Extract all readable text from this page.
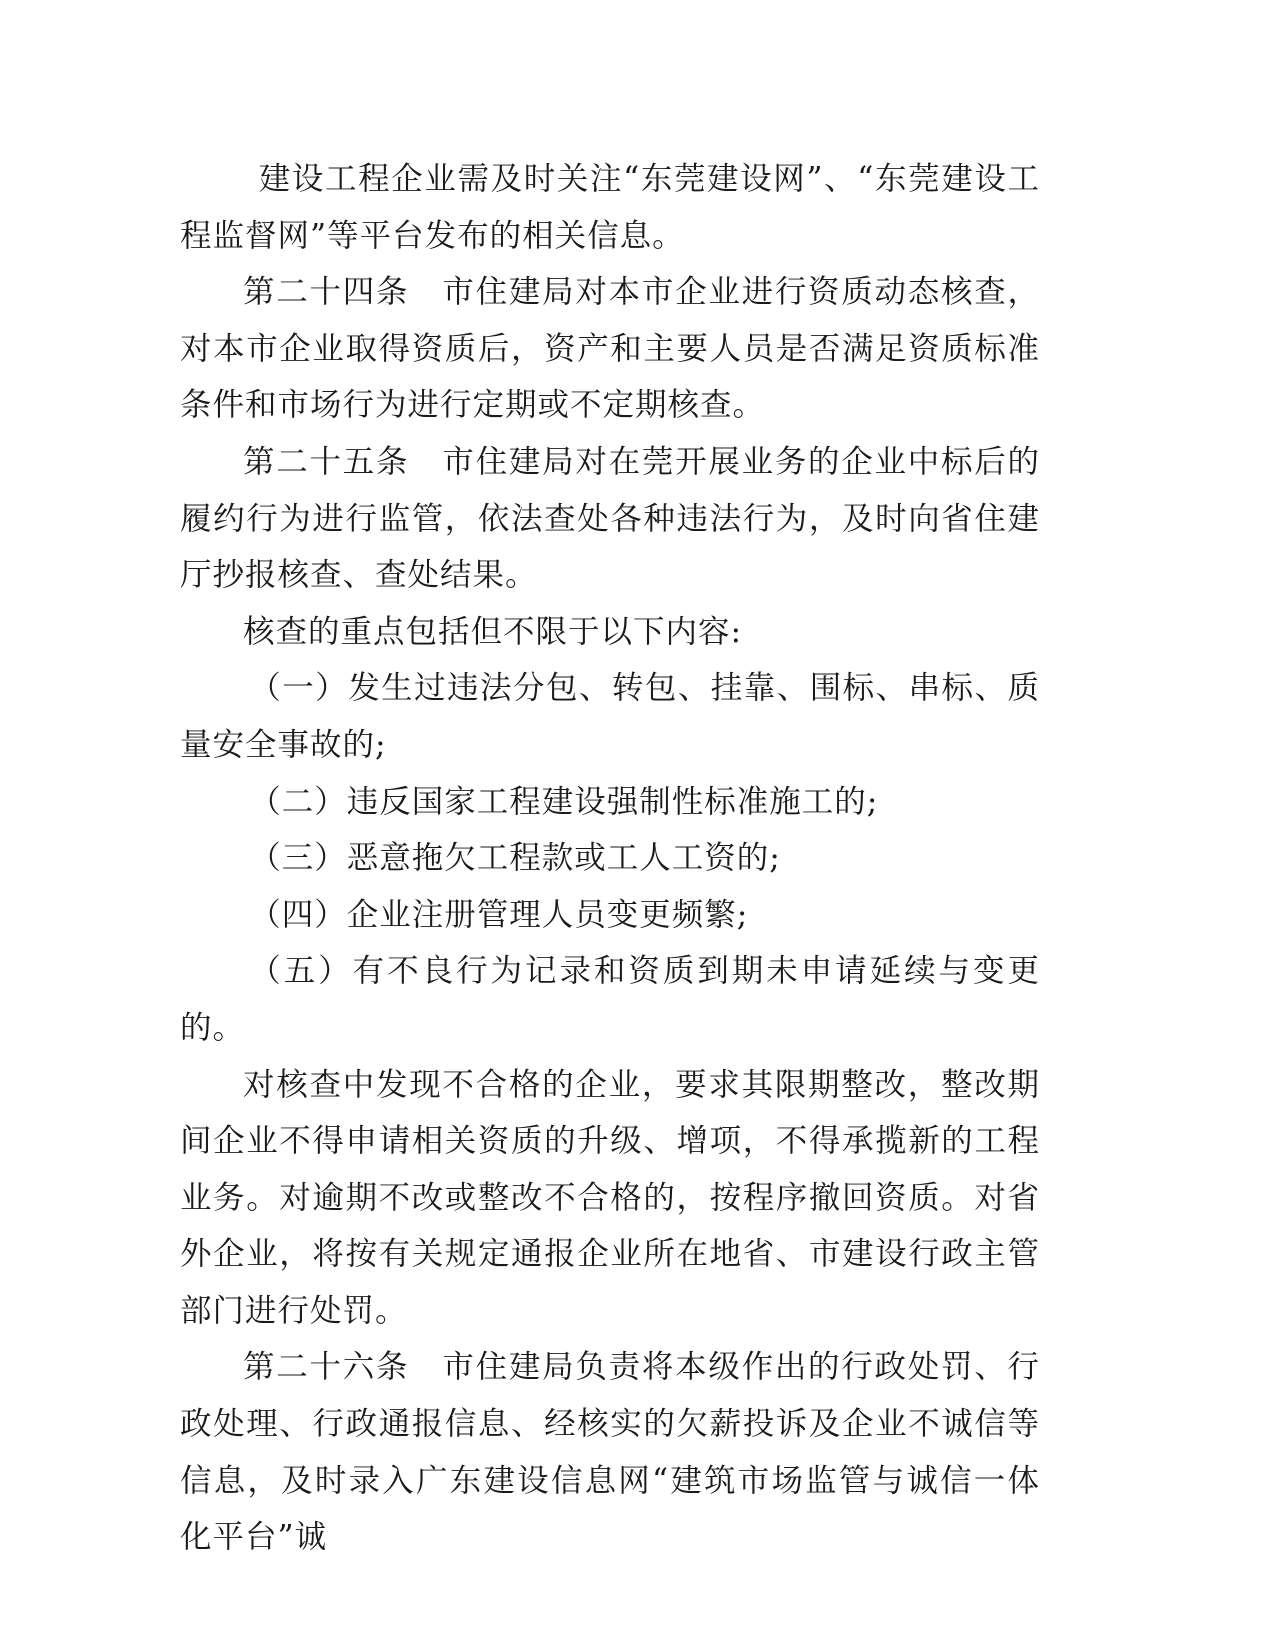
建设工程企业需及时关注“东莞建设网”、“东莞建设工程监督网”等平台发布的相关信息。

第二十四条　市住建局对本市企业进行资质动态核查，对本市企业取得资质后，资产和主要人员是否满足资质标准条件和市场行为进行定期或不定期核查。

第二十五条　市住建局对在莞开展业务的企业中标后的履约行为进行监管，依法查处各种违法行为，及时向省住建厅抄报核查、查处结果。

核查的重点包括但不限于以下内容:

（一）发生过违法分包、转包、挂靠、围标、串标、质量安全事故的;

（二）违反国家工程建设强制性标准施工的;

（三）恶意拖欠工程款或工人工资的;

（四）企业注册管理人员变更频繁;

（五）有不良行为记录和资质到期未申请延续与变更的。

对核查中发现不合格的企业，要求其限期整改，整改期间企业不得申请相关资质的升级、增项，不得承揽新的工程业务。对逾期不改或整改不合格的，按程序撤回资质。对省外企业，将按有关规定通报企业所在地省、市建设行政主管部门进行处罚。

第二十六条　市住建局负责将本级作出的行政处罚、行政处理、行政通报信息、经核实的欠薪投诉及企业不诚信等信息，及时录入广东建设信息网“建筑市场监管与诚信一体化平台”诚
